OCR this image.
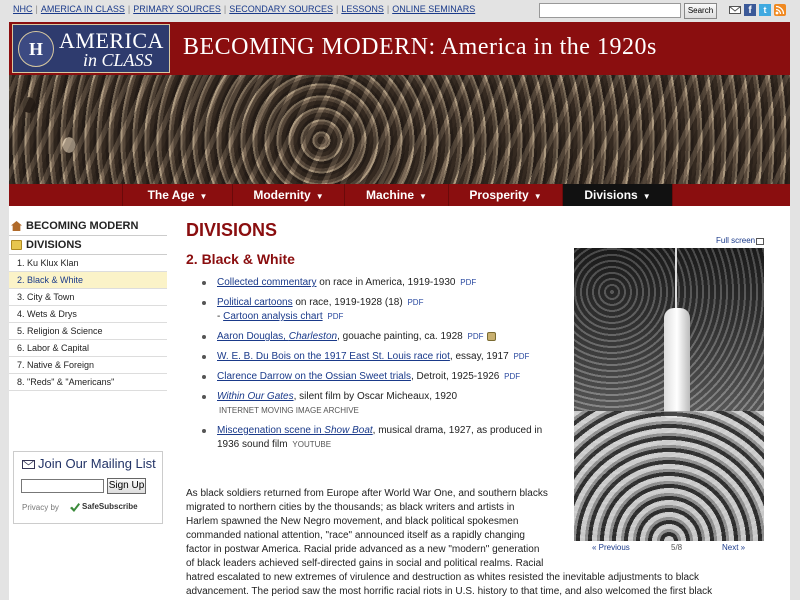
NHC | AMERICA IN CLASS | PRIMARY SOURCES | SECONDARY SOURCES | LESSONS | ONLINE SEMINARS	Search	f	t
H AMERICA
in CLASS BECOMING MODERN: America in the 1920s
The Age ▼	Modernity ▼	Machine ▼	Prosperity ▼	Divisions ▼
BECOMING MODERN
DIVISIONS
1. Ku Klux Klan
2. Black & White
3. City & Town
4. Wets & Drys
5. Religion & Science
6. Labor & Capital
7. Native & Foreign
8. "Reds" & "Americans"
Join Our Mailing List
Sign Up
Privacy by	SafeSubscribe
DIVISIONS
2. Black & White
Collected commentary on race in America, 1919-1930 PDF
Political cartoons on race, 1919-1928 (18) PDF
- Cartoon analysis chart PDF
Aaron Douglas, Charleston, gouache painting, ca. 1928 PDF
W. E. B. Du Bois on the 1917 East St. Louis race riot, essay, 1917 PDF
Clarence Darrow on the Ossian Sweet trials, Detroit, 1925-1926 PDF
Within Our Gates, silent film by Oscar Micheaux, 1920
INTERNET MOVING IMAGE ARCHIVE
Miscegenation scene in Show Boat, musical drama, 1927, as produced in 1936 sound film YOUTUBE
As black soldiers returned from Europe after World War One, and southern blacks
migrated to northern cities by the thousands; as black writers and artists in
Harlem spawned the New Negro movement, and black political spokesmen
commanded national attention, "race" announced itself as a rapidly changing
factor in postwar America. Racial pride advanced as a new "modern" generation
of black leaders achieved self-directed gains in social and political realms. Racial
hatred escalated to new extremes of virulence and destruction as whites resisted the inevitable adjustments to black
advancement. The period saw the most horrific racial riots in U.S. history to that time, and also welcomed the first black
Full screen
« Previous	5/8	Next »
